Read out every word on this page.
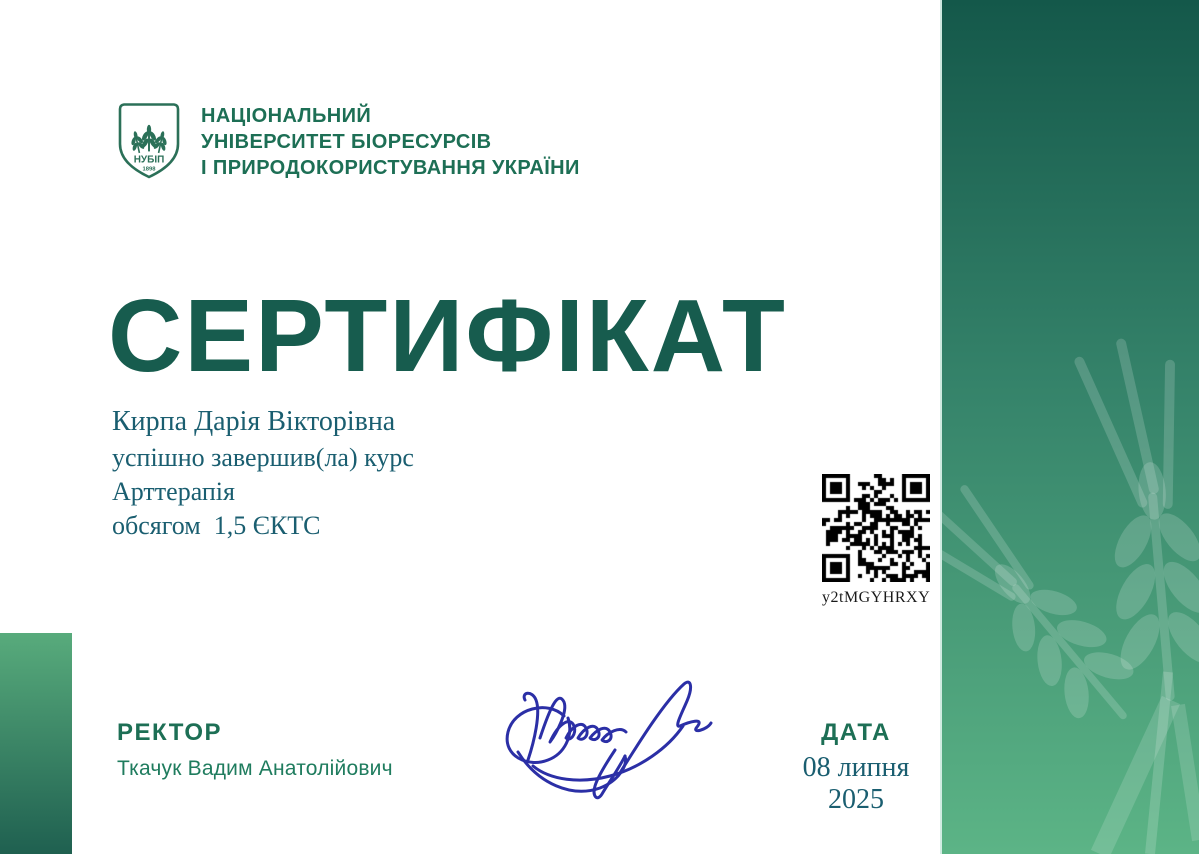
НУБІП
1898
НАЦІОНАЛЬНИЙ
УНІВЕРСИТЕТ БІОРЕСУРСІВ
І ПРИРОДОКОРИСТУВАННЯ УКРАЇНИ
СЕРТИФІКАТ
Кирпа Дарія Вікторівна
успішно завершив(ла) курс
Арттерапія
обсягом  1,5 ЄКТС
y2tMGYHRXY
РЕКТОР
Ткачук Вадим Анатолійович
ДАТА
08 липня 2025
